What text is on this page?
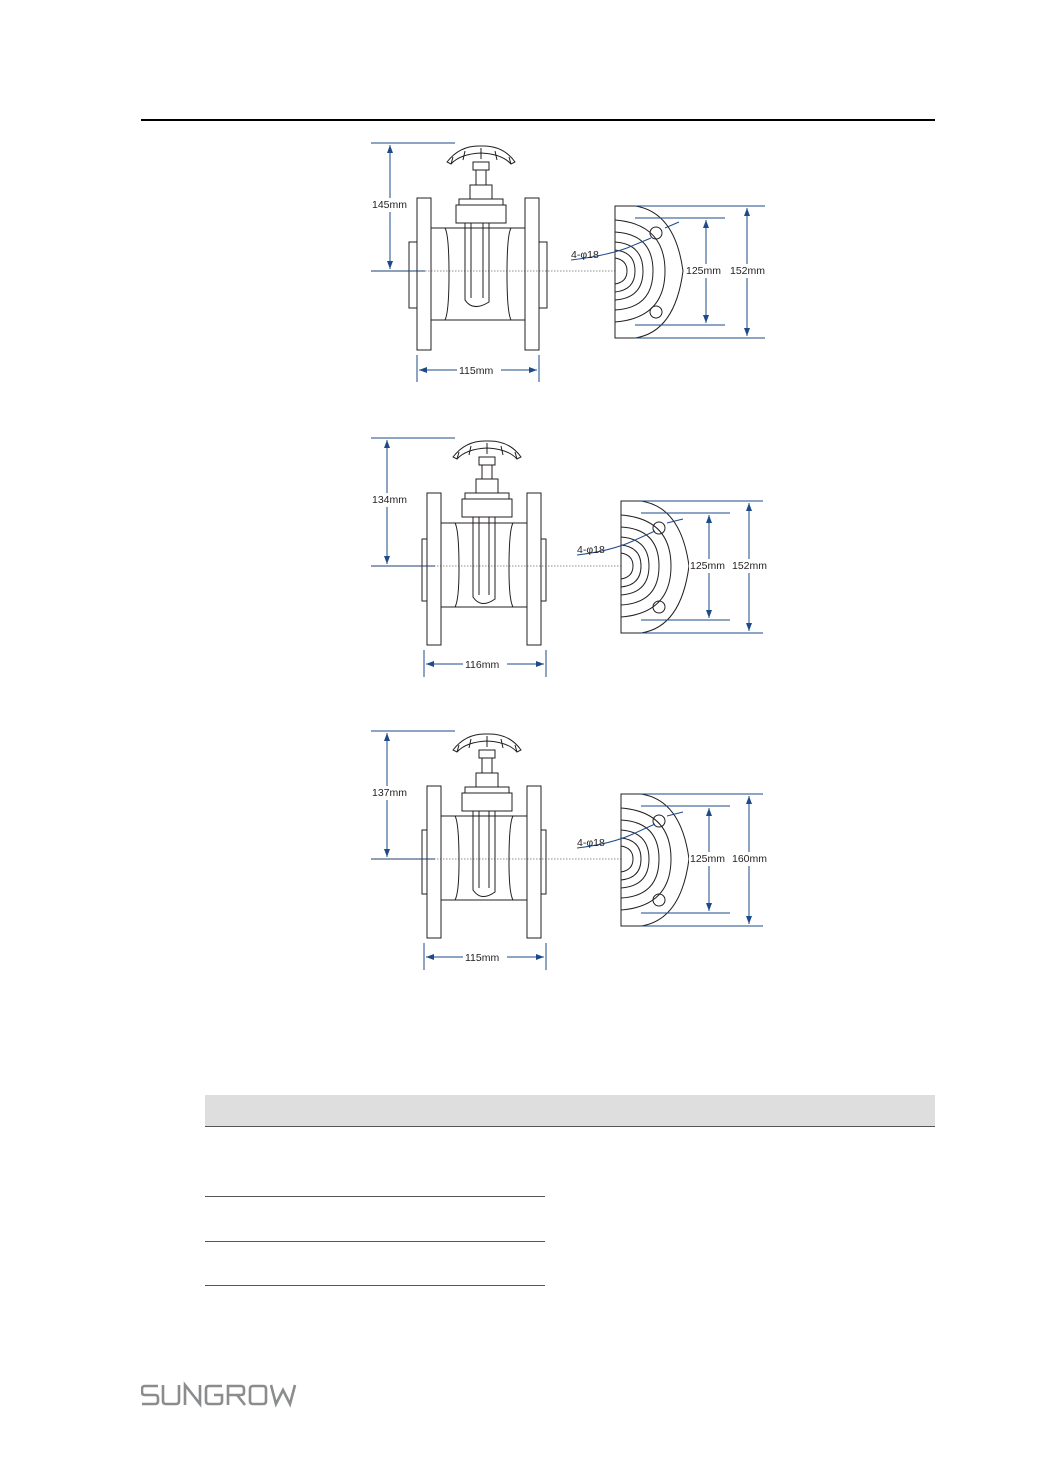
145mm
115mm
4-φ18
125mm 152mm
134mm
116mm
4-φ18
125mm 152mm
137mm
115mm
4-φ18
125mm 160mm
